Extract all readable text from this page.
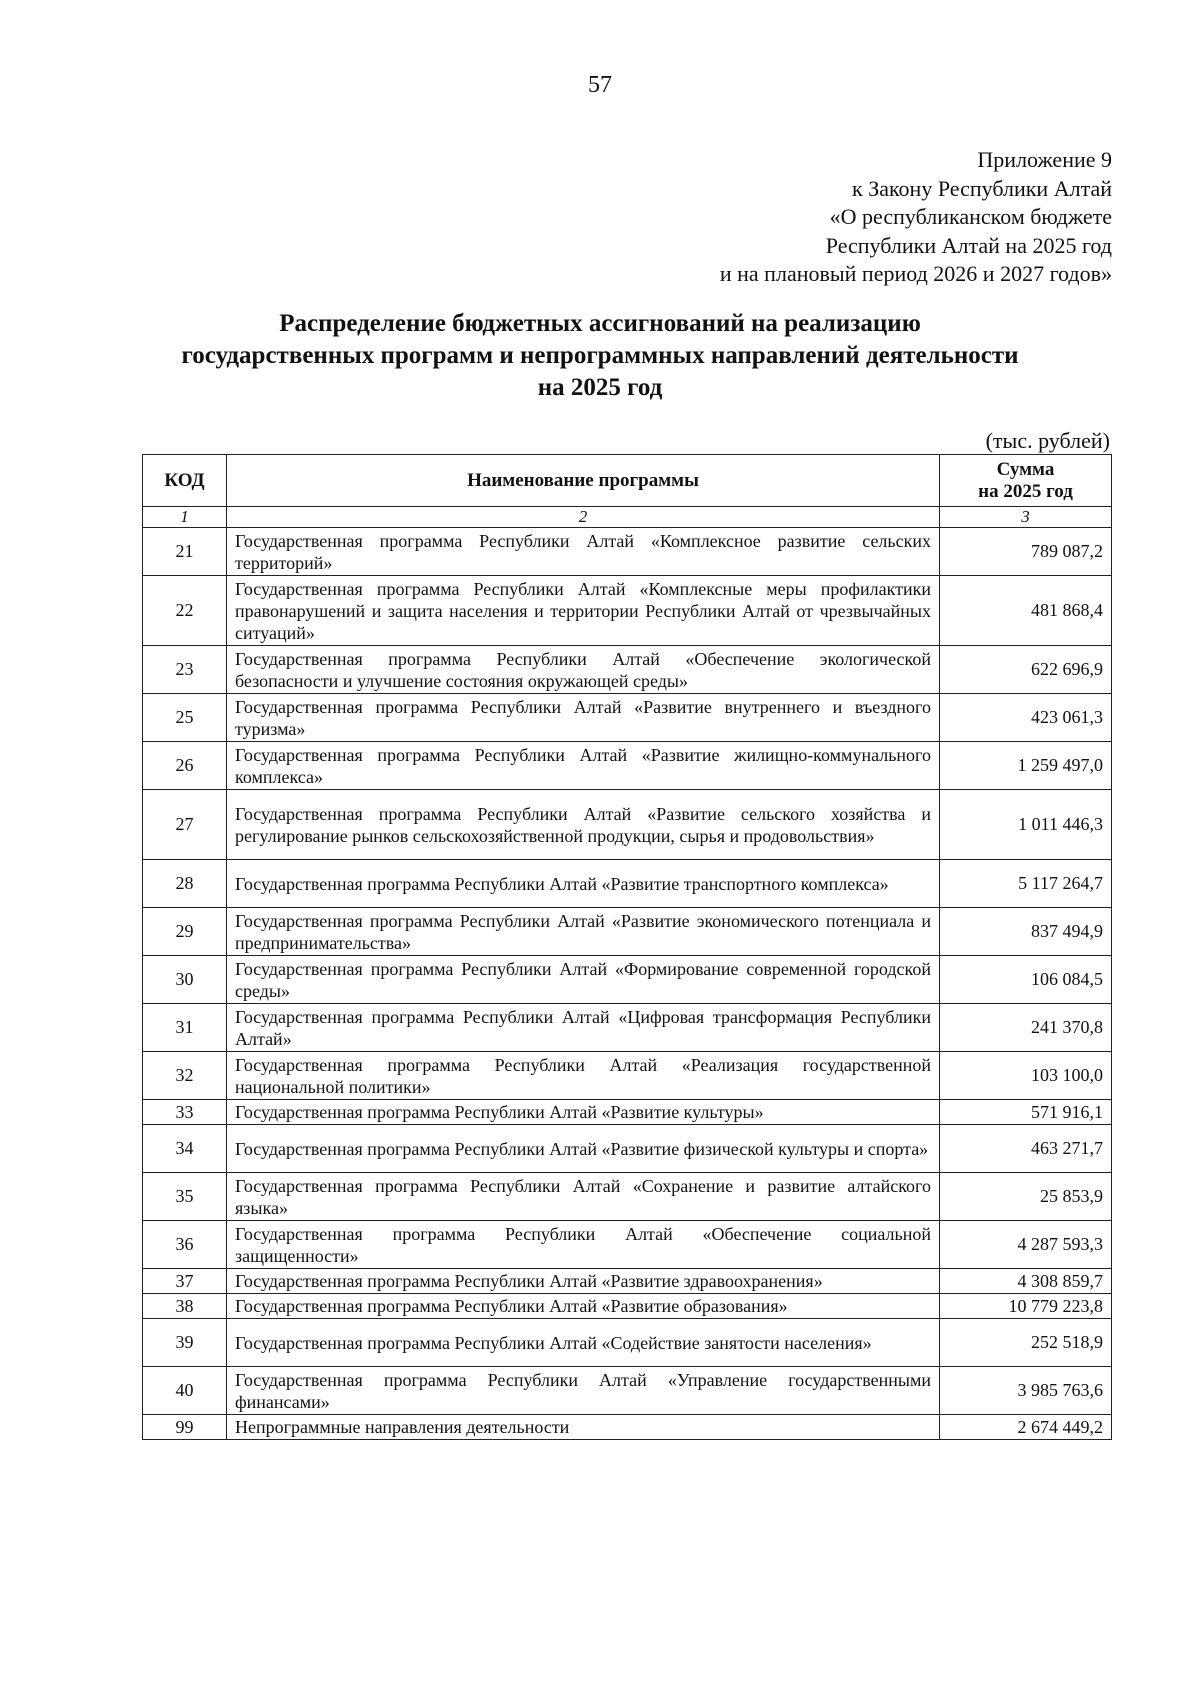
57
Приложение 9
к Закону Республики Алтай
«О республиканском бюджете
Республики Алтай на 2025 год
и на плановый период 2026 и 2027 годов»
Распределение бюджетных ассигнований на реализацию
государственных программ и непрограммных направлений деятельности
на 2025 год
(тыс. рублей)
КОД	Наименование программы	Сумма
на 2025 год

1	2	3
21	Государственная программа Республики Алтай «Комплексное развитие сельских территорий»	789 087,2
22	Государственная программа Республики Алтай «Комплексные меры профилактики правонарушений и защита населения и территории Республики Алтай от чрезвычайных ситуаций»	481 868,4
23	Государственная программа Республики Алтай «Обеспечение экологической безопасности и улучшение состояния окружающей среды»	622 696,9
25	Государственная программа Республики Алтай «Развитие внутреннего и въездного туризма»	423 061,3
26	Государственная программа Республики Алтай «Развитие жилищно-коммунального комплекса»	1 259 497,0
27	Государственная программа Республики Алтай «Развитие сельского хозяйства и регулирование рынков сельскохозяйственной продукции, сырья и продовольствия»	1 011 446,3
28	Государственная программа Республики Алтай «Развитие транспортного комплекса»	5 117 264,7
29	Государственная программа Республики Алтай «Развитие экономического потенциала и предпринимательства»	837 494,9
30	Государственная программа Республики Алтай «Формирование современной городской среды»	106 084,5
31	Государственная программа Республики Алтай «Цифровая трансформация Республики Алтай»	241 370,8
32	Государственная программа Республики Алтай «Реализация государственной национальной политики»	103 100,0
33	Государственная программа Республики Алтай «Развитие культуры»	571 916,1
34	Государственная программа Республики Алтай «Развитие физической культуры и спорта»	463 271,7
35	Государственная программа Республики Алтай «Сохранение и развитие алтайского языка»	25 853,9
36	Государственная программа Республики Алтай «Обеспечение социальной защищенности»	4 287 593,3
37	Государственная программа Республики Алтай «Развитие здравоохранения»	4 308 859,7
38	Государственная программа Республики Алтай «Развитие образования»	10 779 223,8
39	Государственная программа Республики Алтай «Содействие занятости населения»	252 518,9
40	Государственная программа Республики Алтай «Управление государственными финансами»	3 985 763,6
99	Непрограммные направления деятельности	2 674 449,2
